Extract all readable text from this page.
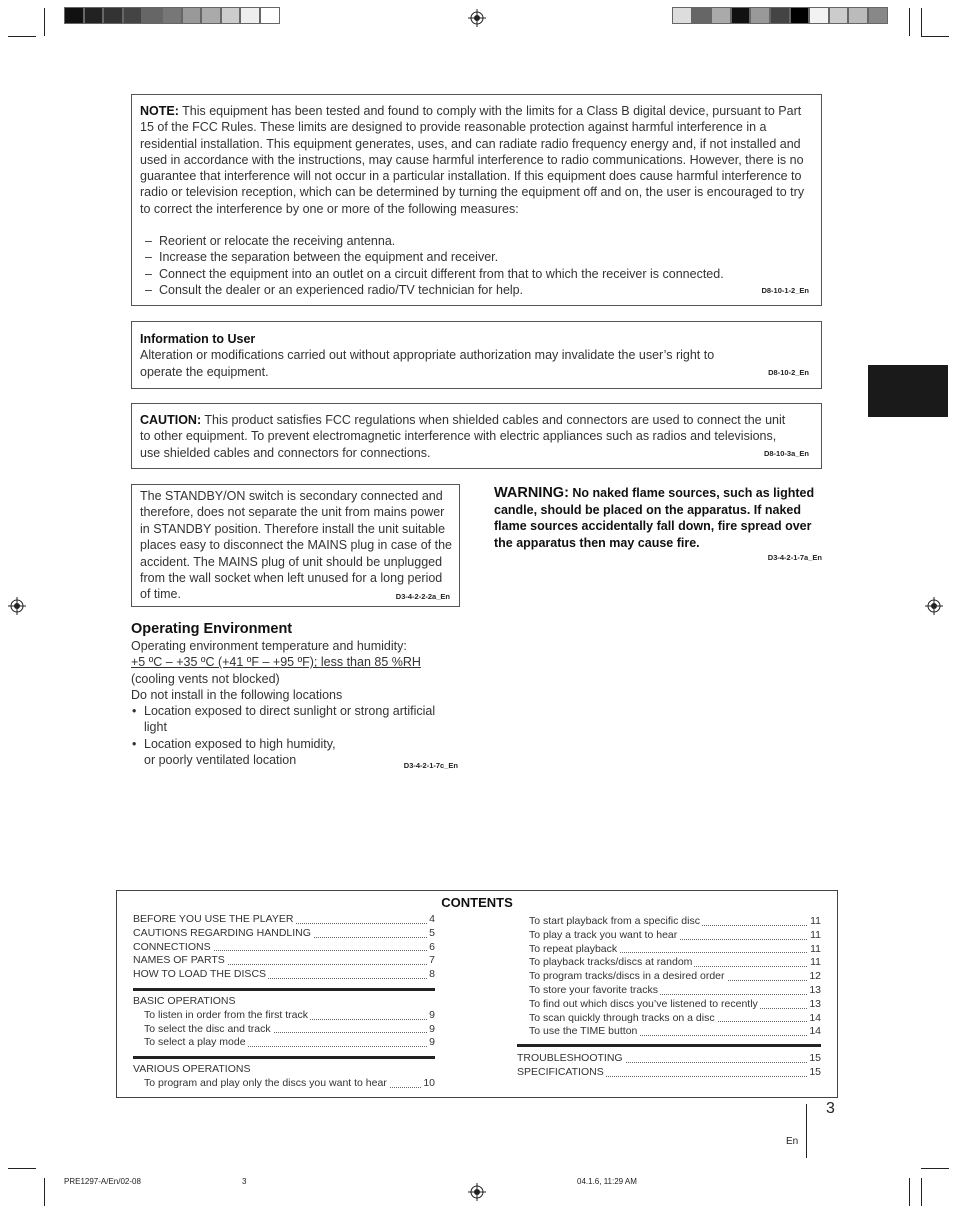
NOTE: This equipment has been tested and found to comply with the limits for a Class B digital device, pursuant to Part 15 of the FCC Rules. These limits are designed to provide reasonable protection against harmful interference in a residential installation. This equipment generates, uses, and can radiate radio frequency energy and, if not installed and used in accordance with the instructions, may cause harmful interference to radio communications. However, there is no guarantee that interference will not occur in a particular installation. If this equipment does cause harmful interference to radio or television reception, which can be determined by turning the equipment off and on, the user is encouraged to try to correct the interference by one or more of the following measures:
– Reorient or relocate the receiving antenna.
– Increase the separation between the equipment and receiver.
– Connect the equipment into an outlet on a circuit different from that to which the receiver is connected.
– Consult the dealer or an experienced radio/TV technician for help.	D8-10-1-2_En
Information to User
Alteration or modifications carried out without appropriate authorization may invalidate the user’s right to operate the equipment.	D8-10-2_En
CAUTION: This product satisfies FCC regulations when shielded cables and connectors are used to connect the unit to other equipment. To prevent electromagnetic interference with electric appliances such as radios and televisions, use shielded cables and connectors for connections.	D8-10-3a_En
The STANDBY/ON switch is secondary connected and therefore, does not separate the unit from mains power in STANDBY position. Therefore install the unit suitable places easy to disconnect the MAINS plug in case of the accident. The MAINS plug of unit should be unplugged from the wall socket when left unused for a long period of time.	D3-4-2-2-2a_En
WARNING: No naked flame sources, such as lighted candle, should be placed on the apparatus. If naked flame sources accidentally fall down, fire spread over the apparatus then may cause fire.
D3-4-2-1-7a_En
Operating Environment
Operating environment temperature and humidity:
+5 ºC – +35 ºC (+41 ºF – +95 ºF); less than 85 %RH
(cooling vents not blocked)
Do not install in the following locations
• Location exposed to direct sunlight or strong artificial light
• Location exposed to high humidity, or poorly ventilated location	D3-4-2-1-7c_En
CONTENTS
BEFORE YOU USE THE PLAYER	4
CAUTIONS REGARDING HANDLING	5
CONNECTIONS	6
NAMES OF PARTS	7
HOW TO LOAD THE DISCS	8
BASIC OPERATIONS
To listen in order from the first track	9
To select the disc and track	9
To select a play mode	9
VARIOUS OPERATIONS
To program and play only the discs you want to hear	10
To start playback from a specific disc	11
To play a track you want to hear	11
To repeat playback	11
To playback tracks/discs at random	11
To program tracks/discs in a desired order	12
To store your favorite tracks	13
To find out which discs you’ve listened to recently	13
To scan quickly through tracks on a disc	14
To use the TIME button	14
TROUBLESHOOTING	15
SPECIFICATIONS	15
3
En
PRE1297-A/En/02-08	3	04.1.6, 11:29 AM
